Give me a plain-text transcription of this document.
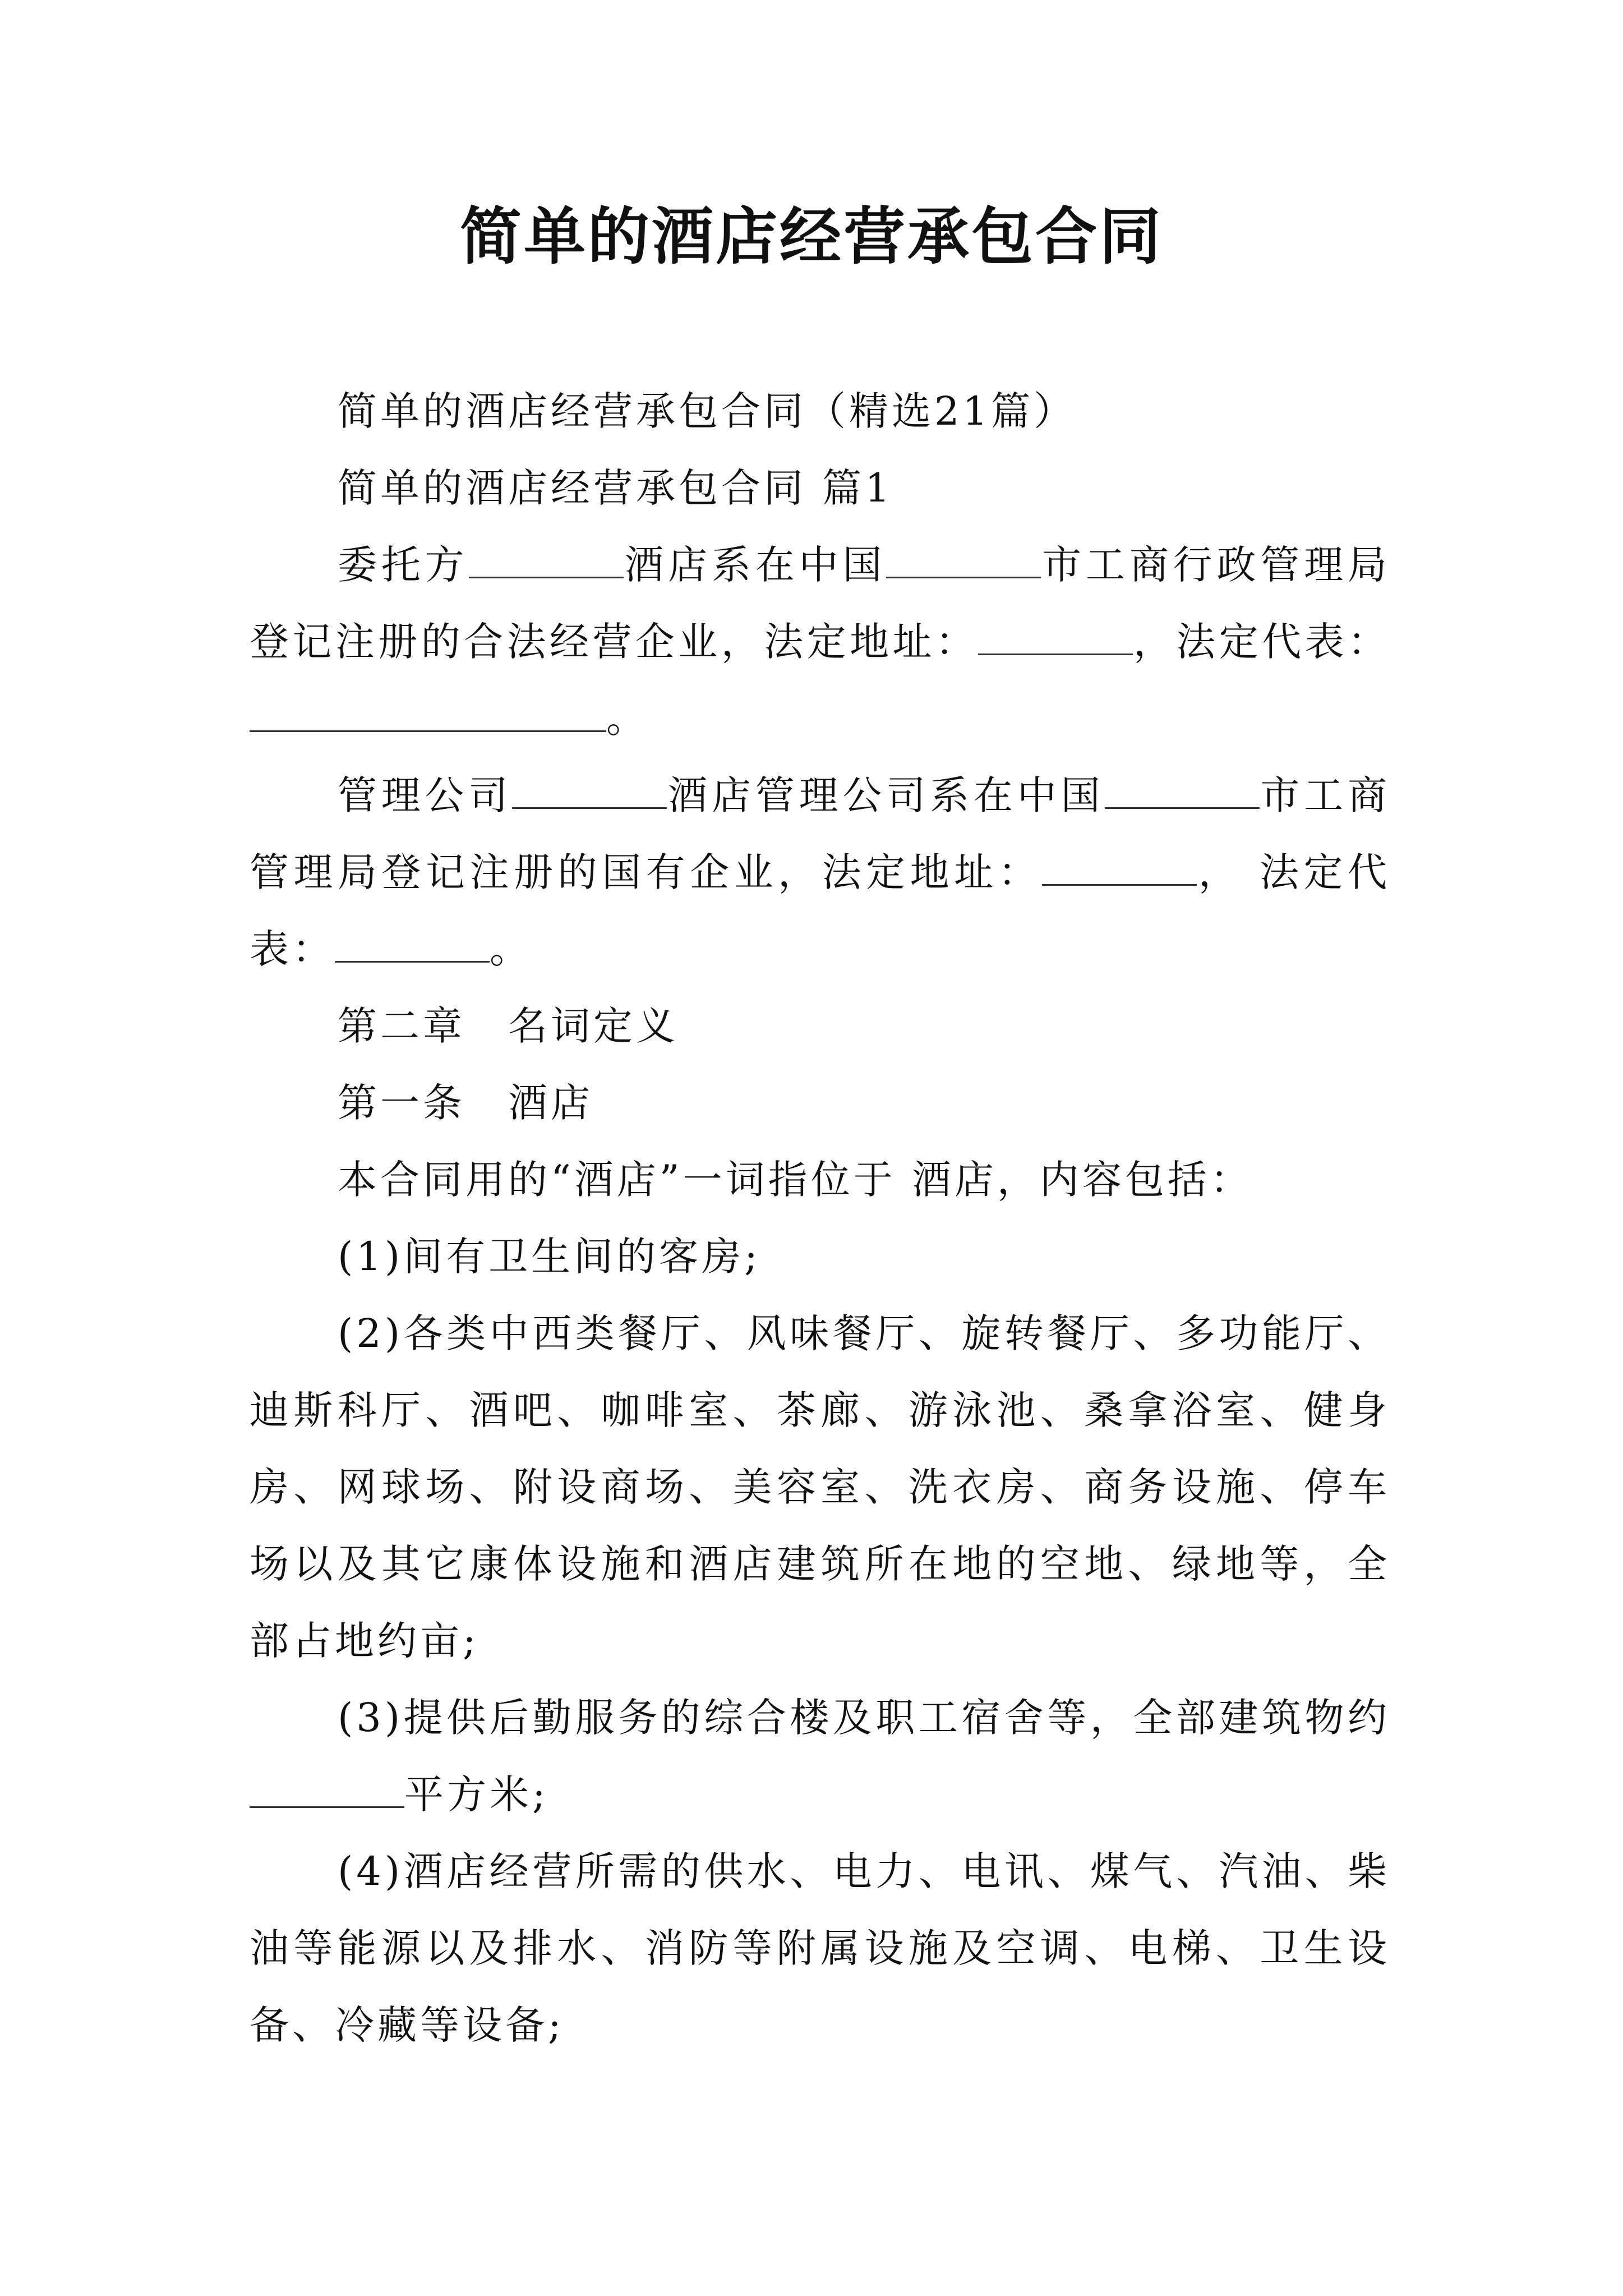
简单的酒店经营承包合同

简单的酒店经营承包合同（精选21篇）

简单的酒店经营承包合同 篇1

委托方	酒店系在中国	市工商行政管理局登记注册的合法经营企业，法定地址：	，法定代表：。

管理公司	酒店管理公司系在中国	市工商管理局登记注册的国有企业，法定地址：	， 法定代表：	。

第二章　名词定义

第一条　酒店

本合同用的“酒店”一词指位于 酒店，内容包括：

(1)间有卫生间的客房;

(2)各类中西类餐厅、风味餐厅、旋转餐厅、多功能厅、迪斯科厅、酒吧、咖啡室、茶廊、游泳池、桑拿浴室、健身房、网球场、附设商场、美容室、洗衣房、商务设施、停车场以及其它康体设施和酒店建筑所在地的空地、绿地等，全部占地约亩;

(3)提供后勤服务的综合楼及职工宿舍等，全部建筑物约平方米;

(4)酒店经营所需的供水、电力、电讯、煤气、汽油、柴油等能源以及排水、消防等附属设施及空调、电梯、卫生设备、冷藏等设备;
